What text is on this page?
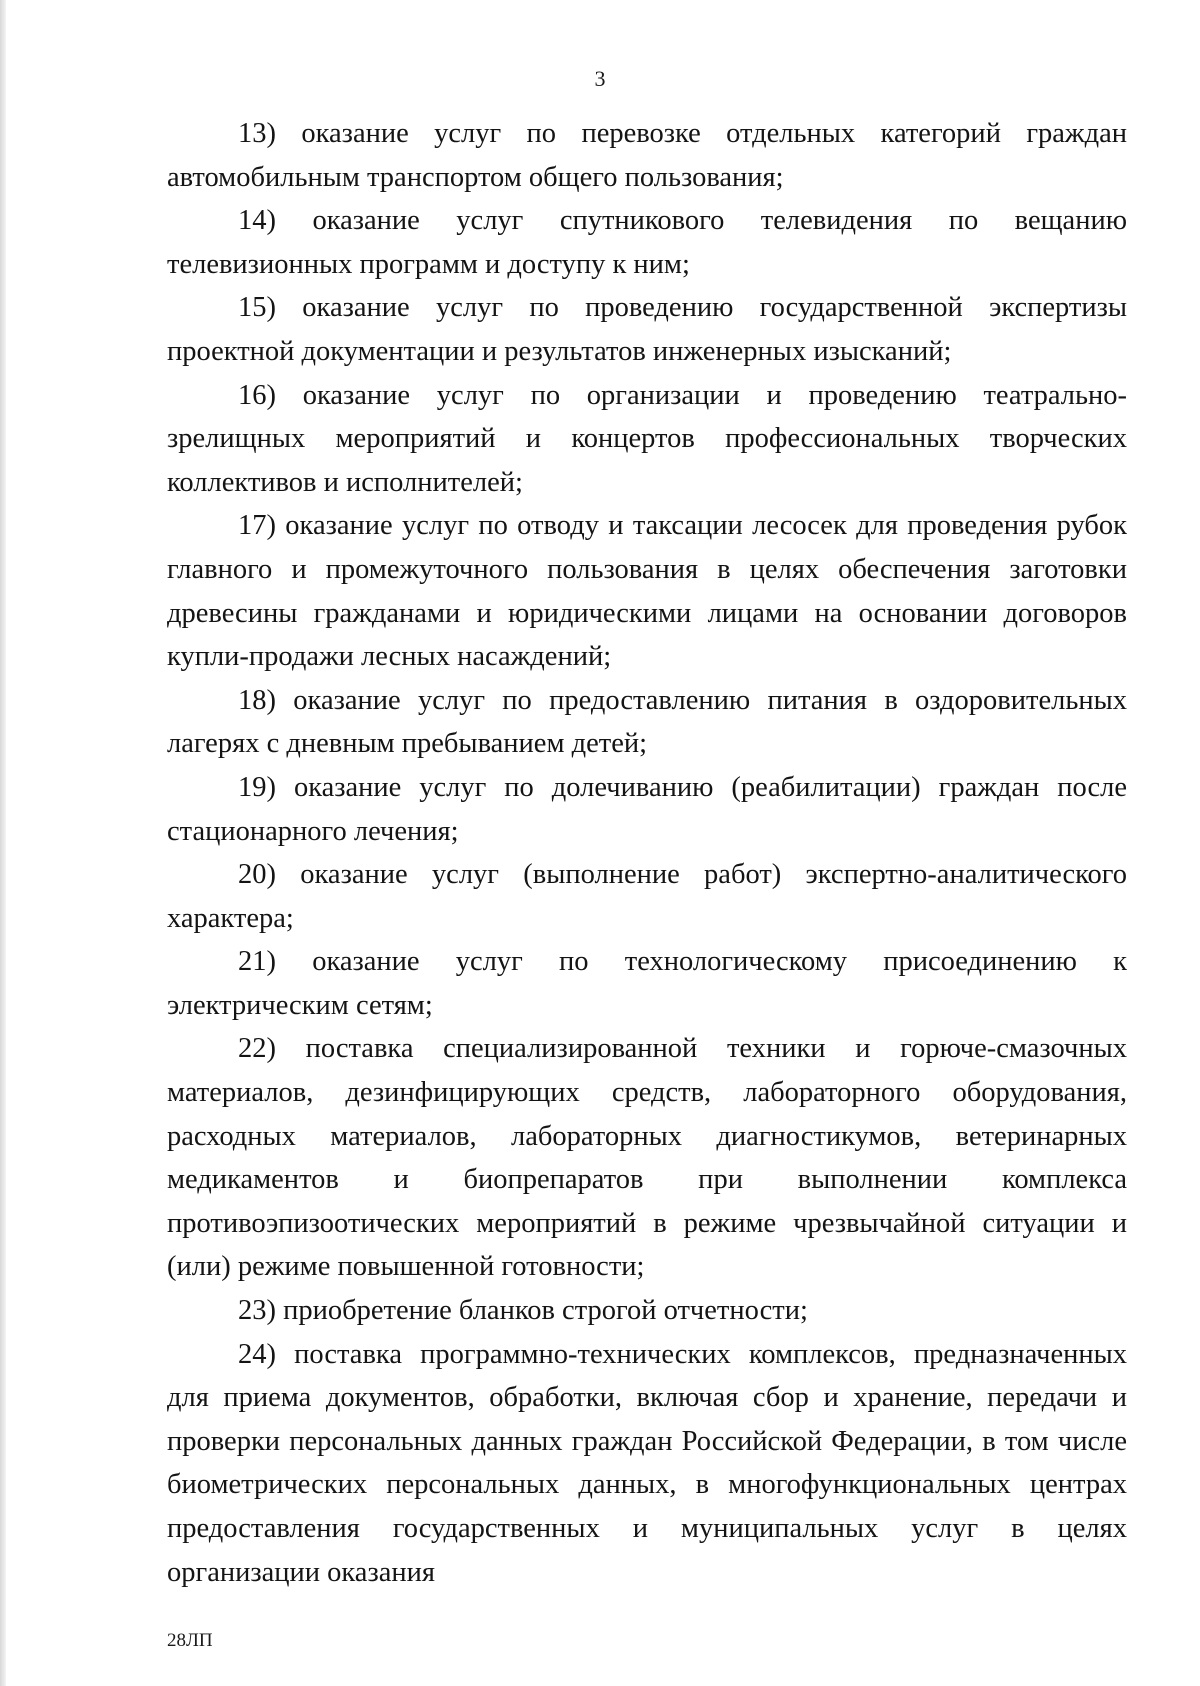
3

13) оказание услуг по перевозке отдельных категорий граждан автомобильным транспортом общего пользования;

14) оказание услуг спутникового телевидения по вещанию телевизионных программ и доступу к ним;

15) оказание услуг по проведению государственной экспертизы проектной документации и результатов инженерных изысканий;

16) оказание услуг по организации и проведению театрально-зрелищных мероприятий и концертов профессиональных творческих коллективов и исполнителей;

17) оказание услуг по отводу и таксации лесосек для проведения рубок главного и промежуточного пользования в целях обеспечения заготовки древесины гражданами и юридическими лицами на основании договоров купли-продажи лесных насаждений;

18) оказание услуг по предоставлению питания в оздоровительных лагерях с дневным пребыванием детей;

19) оказание услуг по долечиванию (реабилитации) граждан после стационарного лечения;

20) оказание услуг (выполнение работ) экспертно-аналитического характера;

21) оказание услуг по технологическому присоединению к электрическим сетям;

22) поставка специализированной техники и горюче-смазочных материалов, дезинфицирующих средств, лабораторного оборудования, расходных материалов, лабораторных диагностикумов, ветеринарных медикаментов и биопрепаратов при выполнении комплекса противоэпизоотических мероприятий в режиме чрезвычайной ситуации и (или) режиме повышенной готовности;

23) приобретение бланков строгой отчетности;

24) поставка программно-технических комплексов, предназначенных для приема документов, обработки, включая сбор и хранение, передачи и проверки персональных данных граждан Российской Федерации, в том числе биометрических персональных данных, в многофункциональных центрах предоставления государственных и муниципальных услуг в целях организации оказания

28ЛП
